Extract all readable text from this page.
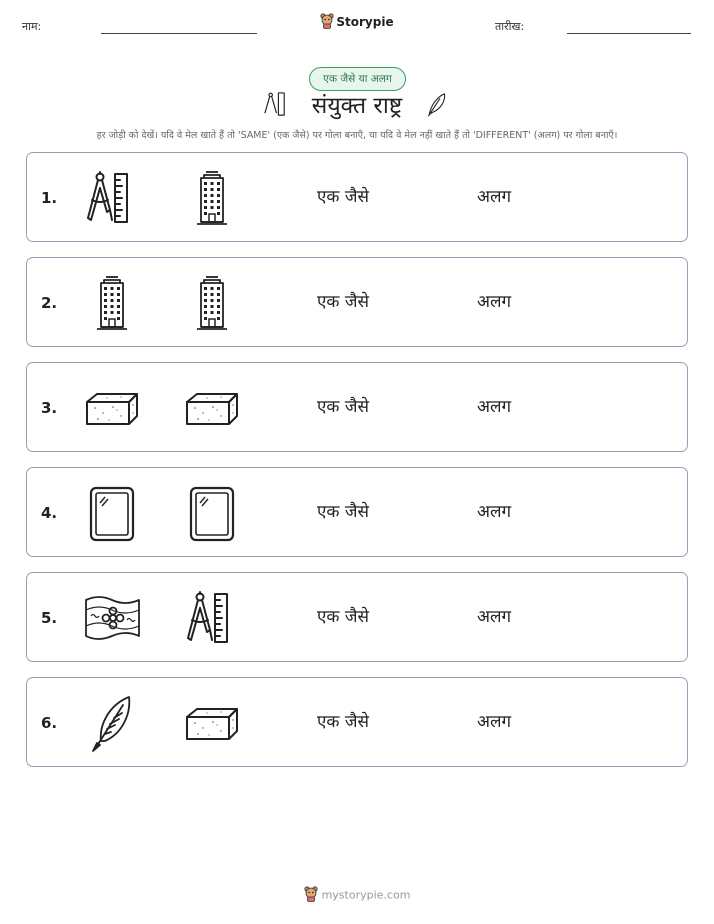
नाम:	Storypie	तारीख:
एक जैसे या अलग
संयुक्त राष्ट्र
हर जोड़ी को देखें। यदि वे मेल खाते हैं तो 'SAME' (एक जैसे) पर गोला बनाएँ, या यदि वे मेल नहीं खाते हैं तो 'DIFFERENT' (अलग) पर गोला बनाएँ।
1.	एक जैसे	अलग
2.	एक जैसे	अलग
3.	एक जैसे	अलग
4.	एक जैसे	अलग
5.	एक जैसे	अलग
6.	एक जैसे	अलग
mystorypie.com
